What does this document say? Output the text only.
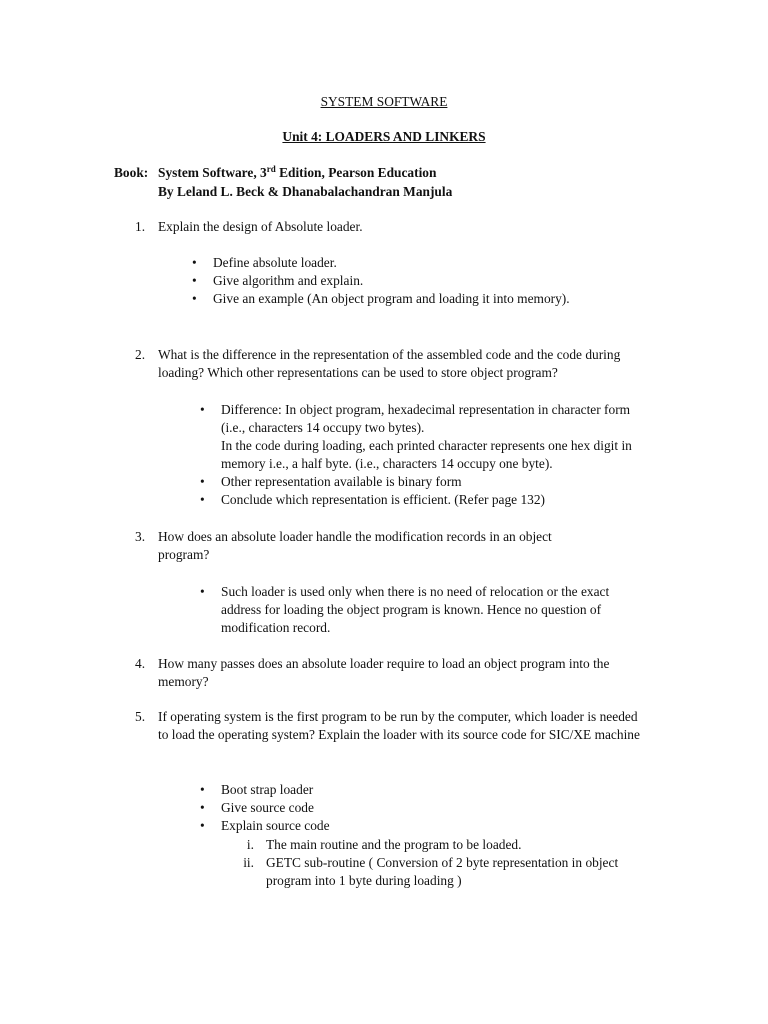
SYSTEM SOFTWARE
Unit 4: LOADERS AND LINKERS
Book: System Software, 3rd Edition, Pearson Education
By Leland L. Beck & Dhanabalachandran Manjula
1. Explain the design of Absolute loader.
• Define absolute loader.
• Give algorithm and explain.
• Give an example (An object program and loading it into memory).
2. What is the difference in the representation of the assembled code and the code during loading? Which other representations can be used to store object program?
• Difference: In object program, hexadecimal representation in character form (i.e., characters 14 occupy two bytes).
In the code during loading, each printed character represents one hex digit in memory i.e., a half byte. (i.e., characters 14 occupy one byte).
• Other representation available is binary form
• Conclude which representation is efficient. (Refer page 132)
3. How does an absolute loader handle the modification records in an object program?
• Such loader is used only when there is no need of relocation or the exact address for loading the object program is known. Hence no question of modification record.
4. How many passes does an absolute loader require to load an object program into the memory?
5. If operating system is the first program to be run by the computer, which loader is needed to load the operating system? Explain the loader with its source code for SIC/XE machine
• Boot strap loader
• Give source code
• Explain source code
i. The main routine and the program to be loaded.
ii. GETC sub-routine ( Conversion of 2 byte representation in object program into 1 byte during loading )
